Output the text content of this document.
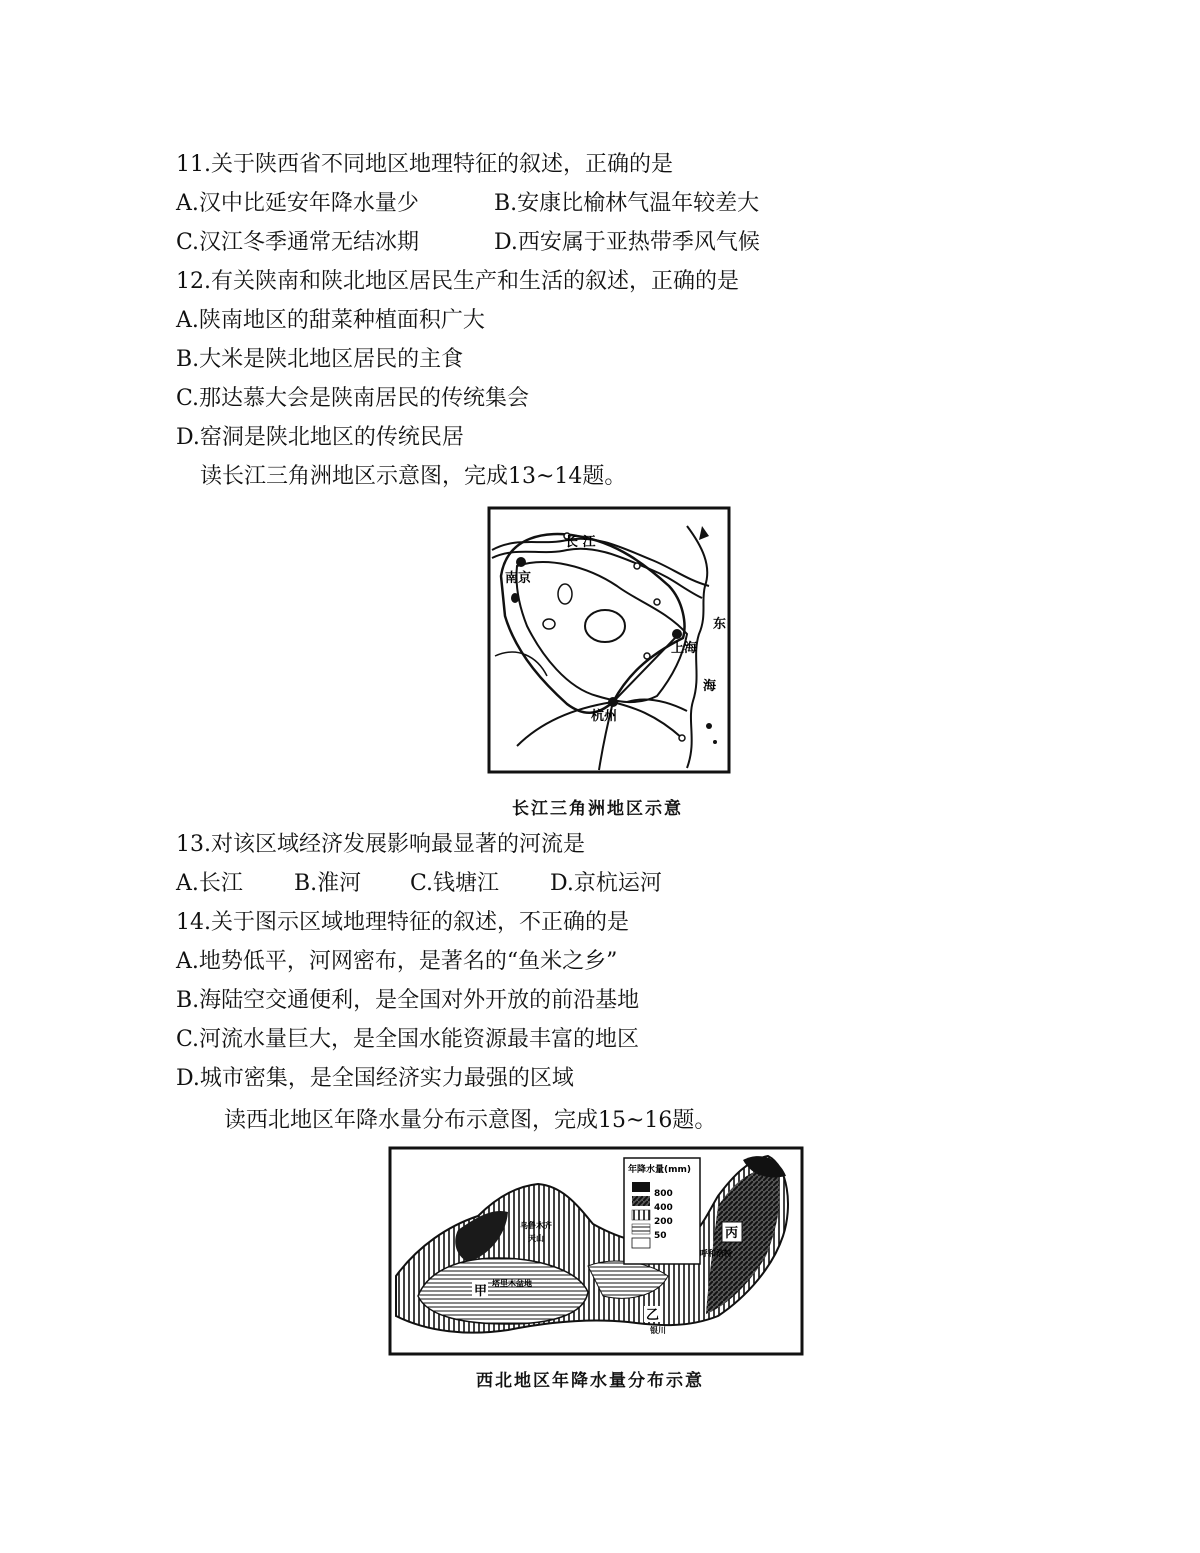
11.关于陕西省不同地区地理特征的叙述，正确的是
A.汉中比延安年降水量少	B.安康比榆林气温年较差大
C.汉江冬季通常无结冰期	D.西安属于亚热带季风气候
12.有关陕南和陕北地区居民生产和生活的叙述，正确的是
A.陕南地区的甜菜种植面积广大
B.大米是陕北地区居民的主食
C.那达慕大会是陕南居民的传统集会
D.窑洞是陕北地区的传统民居
读长江三角洲地区示意图，完成13~14题。
长 江
南京
上海
杭州
东
海
长江三角洲地区示意
13.对该区域经济发展影响最显著的河流是
A.长江 B.淮河 C.钱塘江 D.京杭运河
14.关于图示区域地理特征的叙述，不正确的是
A.地势低平，河网密布，是著名的“鱼米之乡”
B.海陆空交通便利，是全国对外开放的前沿基地
C.河流水量巨大，是全国水能资源最丰富的地区
D.城市密集，是全国经济实力最强的区域
读西北地区年降水量分布示意图，完成15~16题。
年降水量(mm)
800
400
200
50
甲
乙
丙
乌鲁木齐
天山
塔里木盆地
银川
呼和浩特
西北地区年降水量分布示意
